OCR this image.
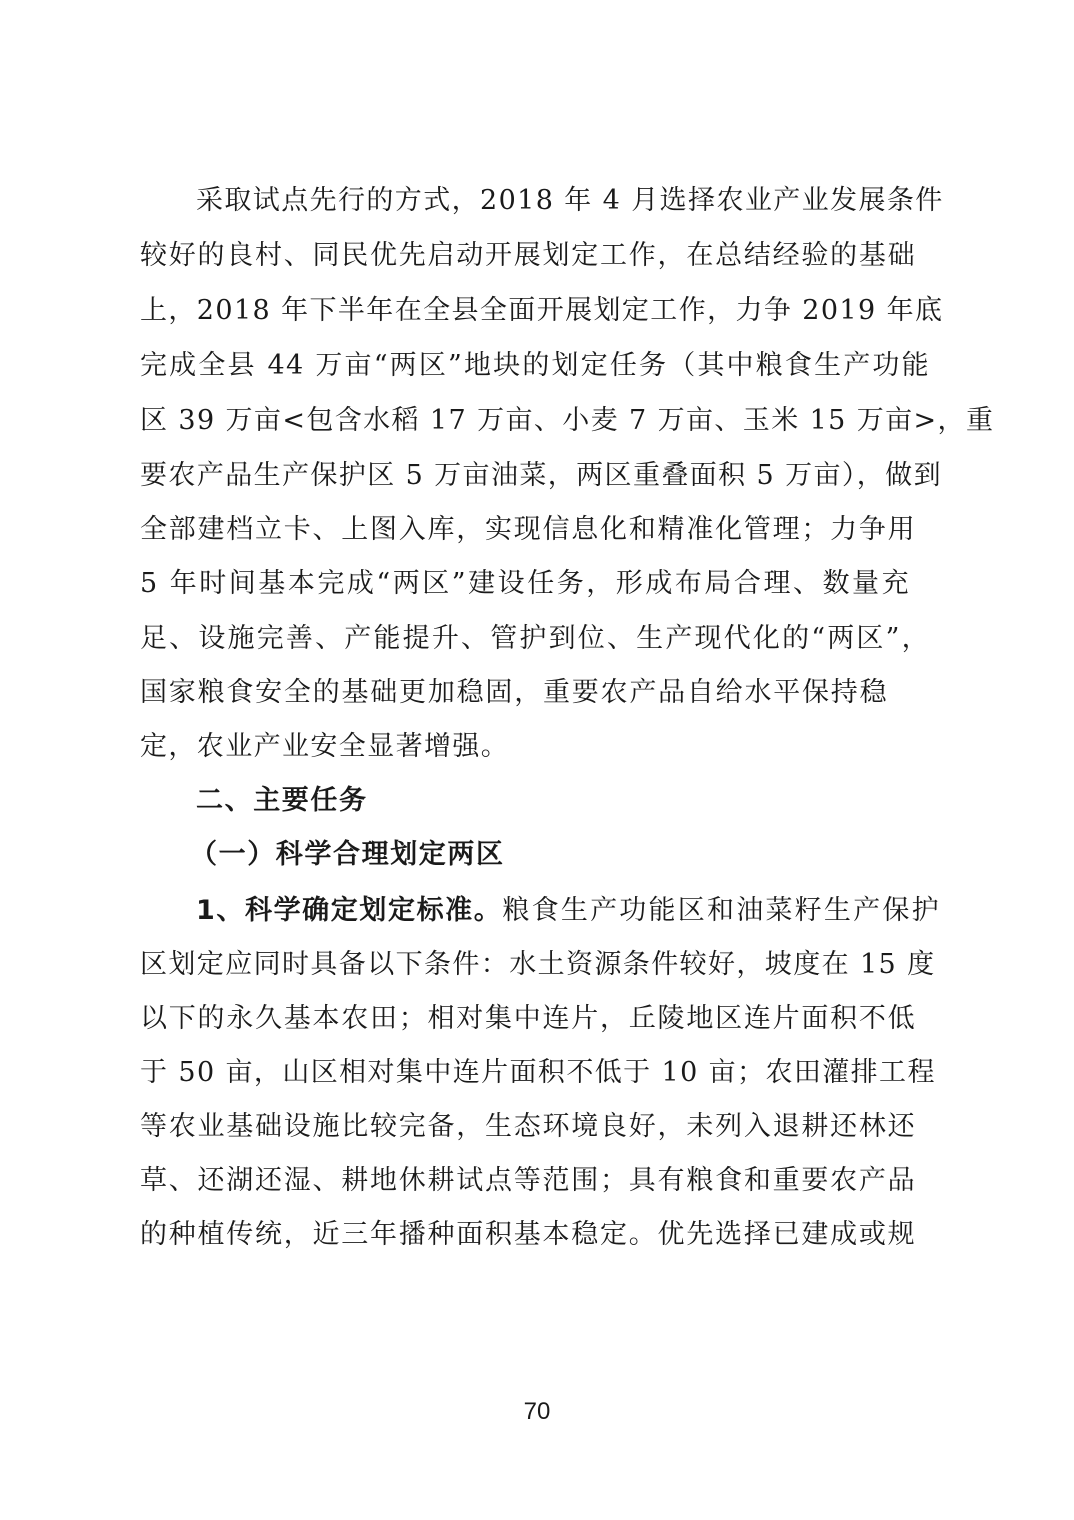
采取试点先行的方式，2018 年 4 月选择农业产业发展条件
较好的良村、同民优先启动开展划定工作，在总结经验的基础
上，2018 年下半年在全县全面开展划定工作，力争 2019 年底
完成全县 44 万亩“两区”地块的划定任务（其中粮食生产功能
区 39 万亩<包含水稻 17 万亩、小麦 7 万亩、玉米 15 万亩>，重
要农产品生产保护区 5 万亩油菜，两区重叠面积 5 万亩），做到
全部建档立卡、上图入库，实现信息化和精准化管理；力争用
5 年时间基本完成“两区”建设任务，形成布局合理、数量充
足、设施完善、产能提升、管护到位、生产现代化的“两区”，
国家粮食安全的基础更加稳固，重要农产品自给水平保持稳
定，农业产业安全显著增强。
二、主要任务
（一）科学合理划定两区
1、科学确定划定标准。 粮食生产功能区和油菜籽生产保护
区划定应同时具备以下条件：水土资源条件较好，坡度在 15 度
以下的永久基本农田；相对集中连片，丘陵地区连片面积不低
于 50 亩，山区相对集中连片面积不低于 10 亩；农田灌排工程
等农业基础设施比较完备，生态环境良好，未列入退耕还林还
草、还湖还湿、耕地休耕试点等范围；具有粮食和重要农产品
的种植传统，近三年播种面积基本稳定。优先选择已建成或规
70
